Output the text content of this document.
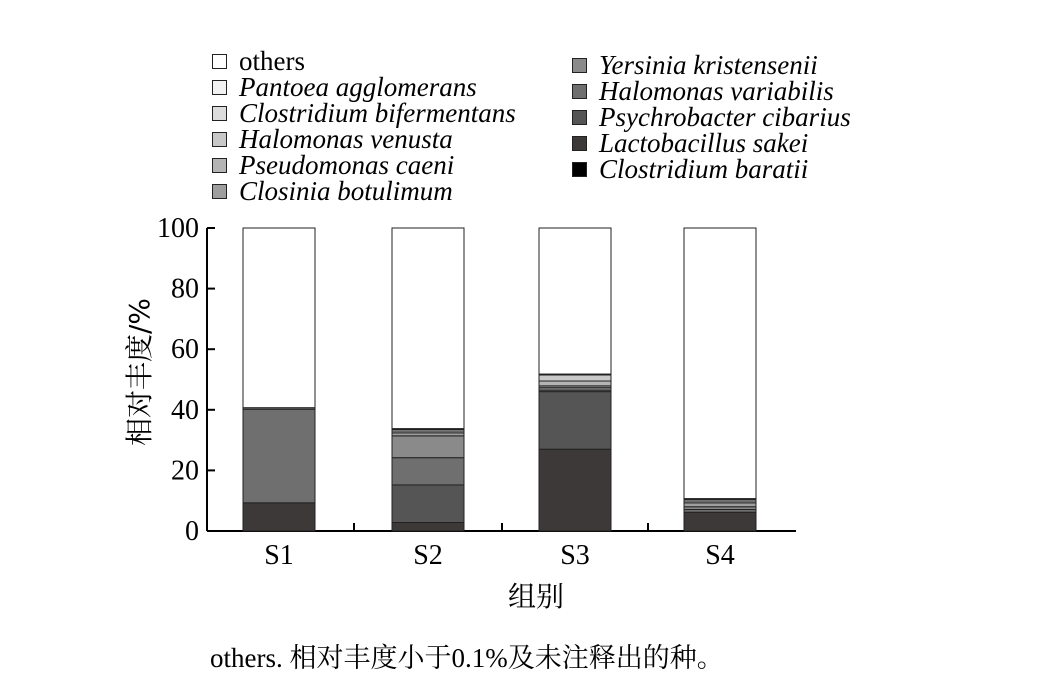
others
Pantoea agglomerans
Clostridium bifermentans
Halomonas venusta
Pseudomonas caeni
Closinia botulimum
Yersinia kristensenii
Halomonas variabilis
Psychrobacter cibarius
Lactobacillus sakei
Clostridium baratii
0
20
40
60
80
100
S1	S2	S3	S4
相对丰度/%
组别
others. 相对丰度小于0.1%及未注释出的种。
